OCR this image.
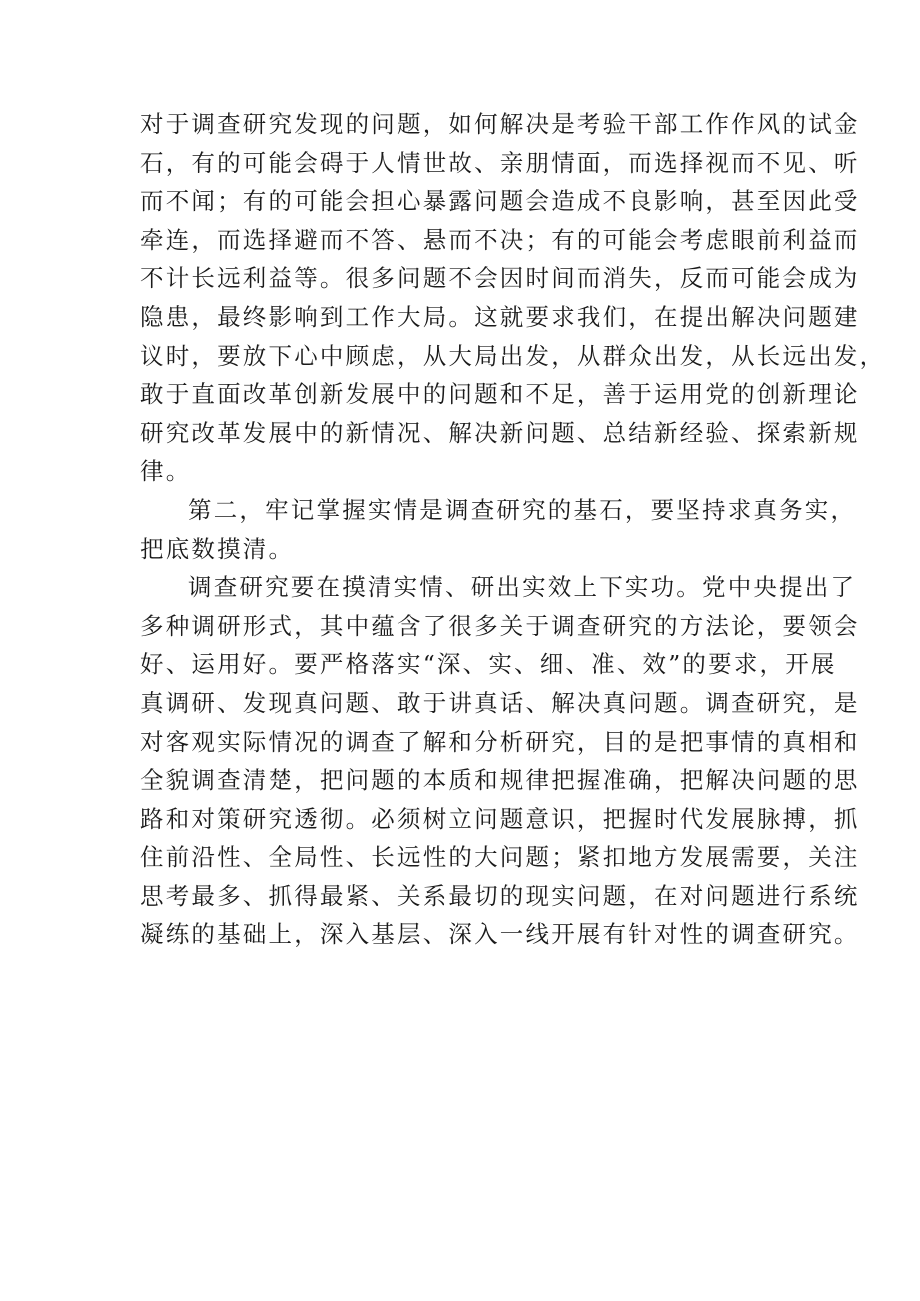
对于调查研究发现的问题，如何解决是考验干部工作作风的试金
石，有的可能会碍于人情世故、亲朋情面，而选择视而不见、听
而不闻；有的可能会担心暴露问题会造成不良影响，甚至因此受
牵连，而选择避而不答、悬而不决；有的可能会考虑眼前利益而
不计长远利益等。很多问题不会因时间而消失，反而可能会成为
隐患，最终影响到工作大局。这就要求我们，在提出解决问题建
议时，要放下心中顾虑，从大局出发，从群众出发，从长远出发，
敢于直面改革创新发展中的问题和不足，善于运用党的创新理论
研究改革发展中的新情况、解决新问题、总结新经验、探索新规
律。
第二，牢记掌握实情是调查研究的基石，要坚持求真务实，
把底数摸清。
调查研究要在摸清实情、研出实效上下实功。党中央提出了
多种调研形式，其中蕴含了很多关于调查研究的方法论，要领会
好、运用好。要严格落实“深、实、细、准、效”的要求，开展
真调研、发现真问题、敢于讲真话、解决真问题。调查研究，是
对客观实际情况的调查了解和分析研究，目的是把事情的真相和
全貌调查清楚，把问题的本质和规律把握准确，把解决问题的思
路和对策研究透彻。必须树立问题意识，把握时代发展脉搏，抓
住前沿性、全局性、长远性的大问题；紧扣地方发展需要，关注
思考最多、抓得最紧、关系最切的现实问题，在对问题进行系统
凝练的基础上，深入基层、深入一线开展有针对性的调查研究。
